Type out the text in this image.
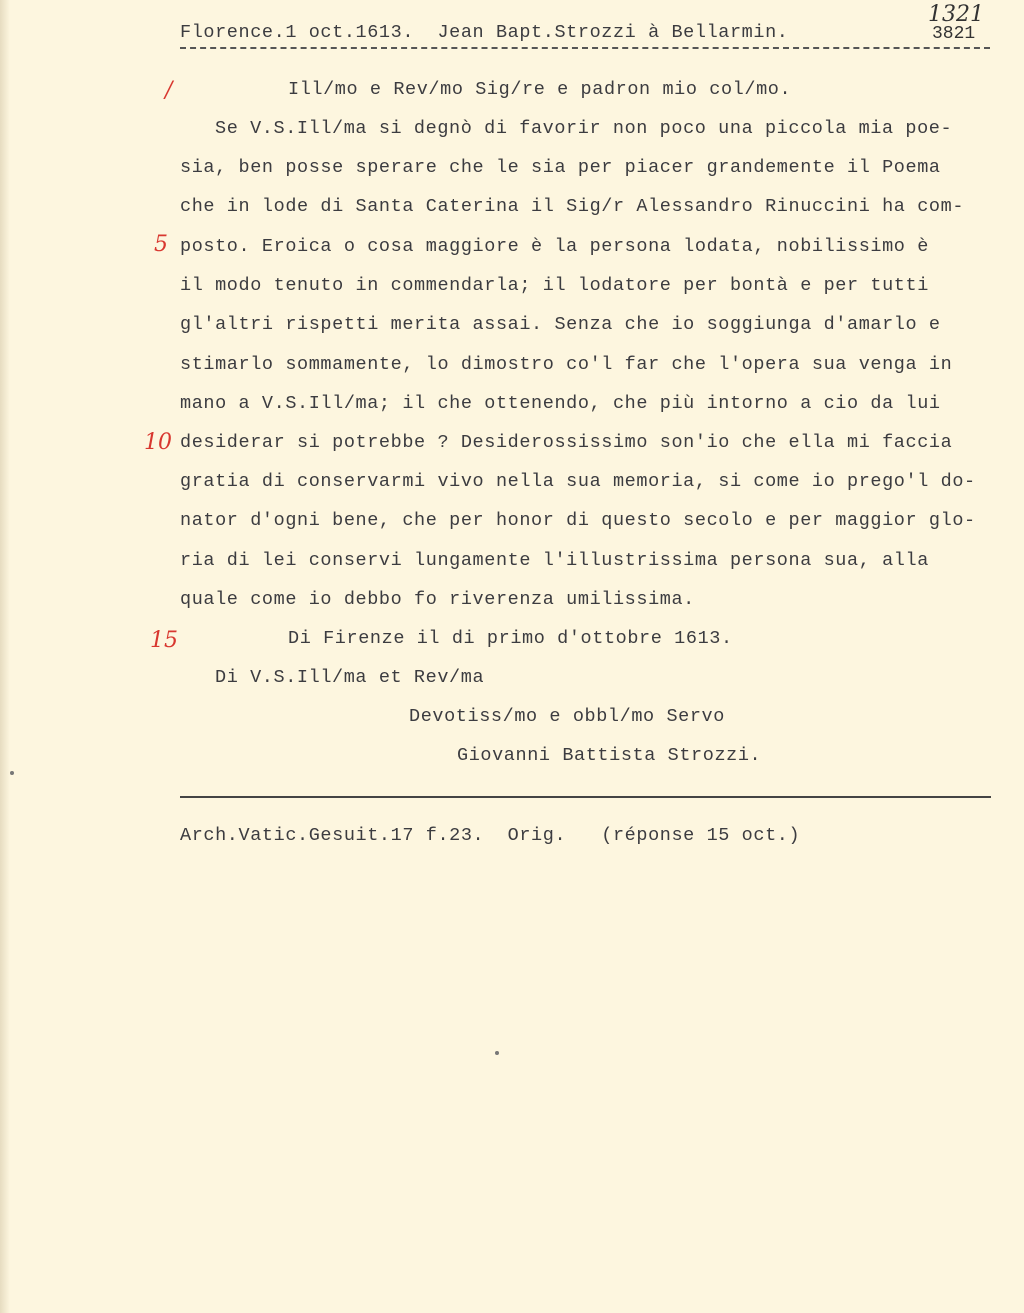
Florence.1 oct.1613.  Jean Bapt.Strozzi à Bellarmin.
1321
3821
/
5
10
15
Ill/mo e Rev/mo Sig/re e padron mio col/mo.
Se V.S.Ill/ma si degnò di favorir non poco una piccola mia poe-
sia, ben posse sperare che le sia per piacer grandemente il Poema
che in lode di Santa Caterina il Sig/r Alessandro Rinuccini ha com-
posto. Eroica o cosa maggiore è la persona lodata, nobilissimo è
il modo tenuto in commendarla; il lodatore per bontà e per tutti
gl'altri rispetti merita assai. Senza che io soggiunga d'amarlo e
stimarlo sommamente, lo dimostro co'l far che l'opera sua venga in
mano a V.S.Ill/ma; il che ottenendo, che più intorno a cio da lui
desiderar si potrebbe ? Desiderossissimo son'io che ella mi faccia
gratia di conservarmi vivo nella sua memoria, si come io prego'l do-
nator d'ogni bene, che per honor di questo secolo e per maggior glo-
ria di lei conservi lungamente l'illustrissima persona sua, alla
quale come io debbo fo riverenza umilissima.
Di Firenze il di primo d'ottobre 1613.
Di V.S.Ill/ma et Rev/ma
Devotiss/mo e obbl/mo Servo
Giovanni Battista Strozzi.
Arch.Vatic.Gesuit.17 f.23.  Orig.   (réponse 15 oct.)
